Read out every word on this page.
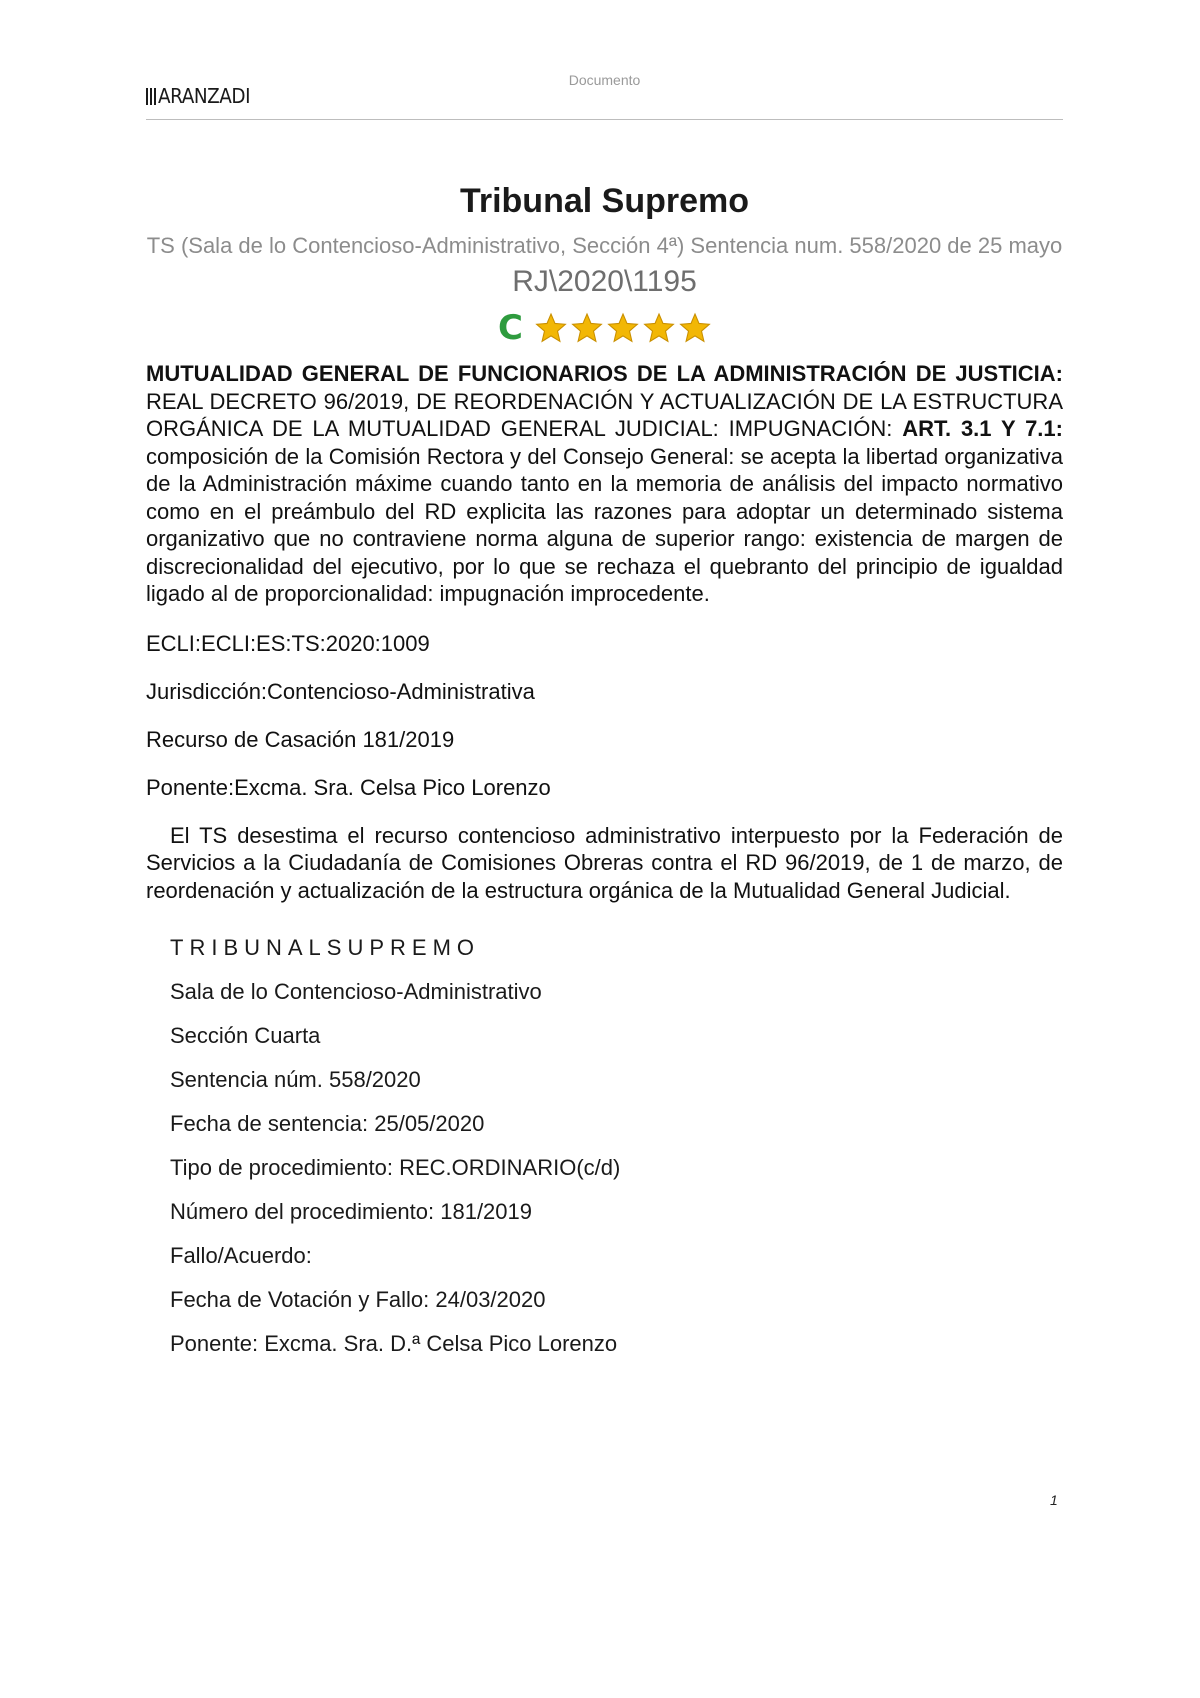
ARANZADI
Documento
Tribunal Supremo
TS (Sala de lo Contencioso-Administrativo, Sección 4ª) Sentencia num. 558/2020 de 25 mayo
RJ\2020\1195
C

MUTUALIDAD GENERAL DE FUNCIONARIOS DE LA ADMINISTRACIÓN DE JUSTICIA: REAL DECRETO 96/2019, DE REORDENACIÓN Y ACTUALIZACIÓN DE LA ESTRUCTURA ORGÁNICA DE LA MUTUALIDAD GENERAL JUDICIAL: IMPUGNACIÓN: ART. 3.1 Y 7.1: composición de la Comisión Rectora y del Consejo General: se acepta la libertad organizativa de la Administración máxime cuando tanto en la memoria de análisis del impacto normativo como en el preámbulo del RD explicita las razones para adoptar un determinado sistema organizativo que no contraviene norma alguna de superior rango: existencia de margen de discrecionalidad del ejecutivo, por lo que se rechaza el quebranto del principio de igualdad ligado al de proporcionalidad: impugnación improcedente.

ECLI:ECLI:ES:TS:2020:1009
Jurisdicción:Contencioso-Administrativa
Recurso de Casación 181/2019
Ponente:Excma. Sra. Celsa Pico Lorenzo

El TS desestima el recurso contencioso administrativo interpuesto por la Federación de Servicios a la Ciudadanía de Comisiones Obreras contra el RD 96/2019, de 1 de marzo, de reordenación y actualización de la estructura orgánica de la Mutualidad General Judicial.

TRIBUNALSUPREMO
Sala de lo Contencioso-Administrativo
Sección Cuarta
Sentencia núm. 558/2020
Fecha de sentencia: 25/05/2020
Tipo de procedimiento: REC.ORDINARIO(c/d)
Número del procedimiento: 181/2019
Fallo/Acuerdo:
Fecha de Votación y Fallo: 24/03/2020
Ponente: Excma. Sra. D.ª Celsa Pico Lorenzo
1
